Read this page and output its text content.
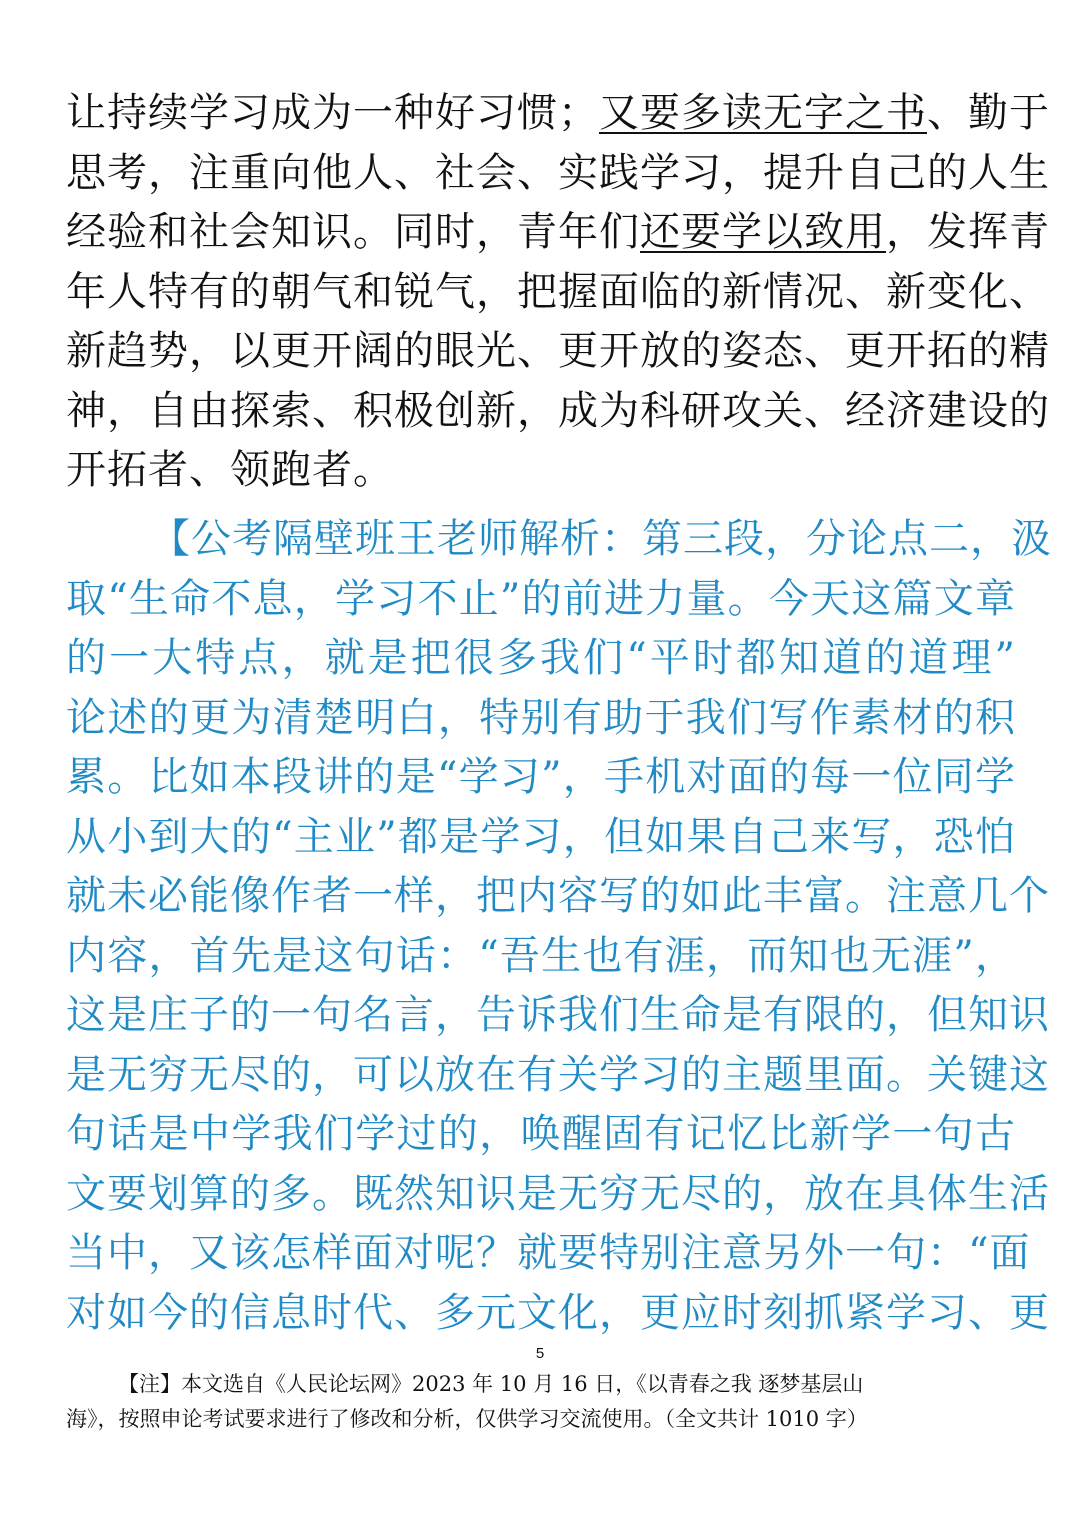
让持续学习成为一种好习惯；又要多读无字之书、勤于
思考，注重向他人、社会、实践学习，提升自己的人生
经验和社会知识。同时，青年们还要学以致用，发挥青
年人特有的朝气和锐气，把握面临的新情况、新变化、
新趋势，以更开阔的眼光、更开放的姿态、更开拓的精
神，自由探索、积极创新，成为科研攻关、经济建设的
开拓者、领跑者。
【公考隔壁班王老师解析：第三段，分论点二，汲
取“生命不息，学习不止”的前进力量。今天这篇文章
的一大特点，就是把很多我们“平时都知道的道理”
论述的更为清楚明白，特别有助于我们写作素材的积
累。比如本段讲的是“学习”，手机对面的每一位同学
从小到大的“主业”都是学习，但如果自己来写，恐怕
就未必能像作者一样，把内容写的如此丰富。注意几个
内容，首先是这句话：“吾生也有涯，而知也无涯”，
这是庄子的一句名言，告诉我们生命是有限的，但知识
是无穷无尽的，可以放在有关学习的主题里面。关键这
句话是中学我们学过的，唤醒固有记忆比新学一句古
文要划算的多。既然知识是无穷无尽的，放在具体生活
当中，又该怎样面对呢？就要特别注意另外一句：“面
对如今的信息时代、多元文化，更应时刻抓紧学习、更
5
【注】本文选自《人民论坛网》2023 年 10 月 16 日，《以青春之我 逐梦基层山
海》，按照申论考试要求进行了修改和分析，仅供学习交流使用。（全文共计 1010 字）
